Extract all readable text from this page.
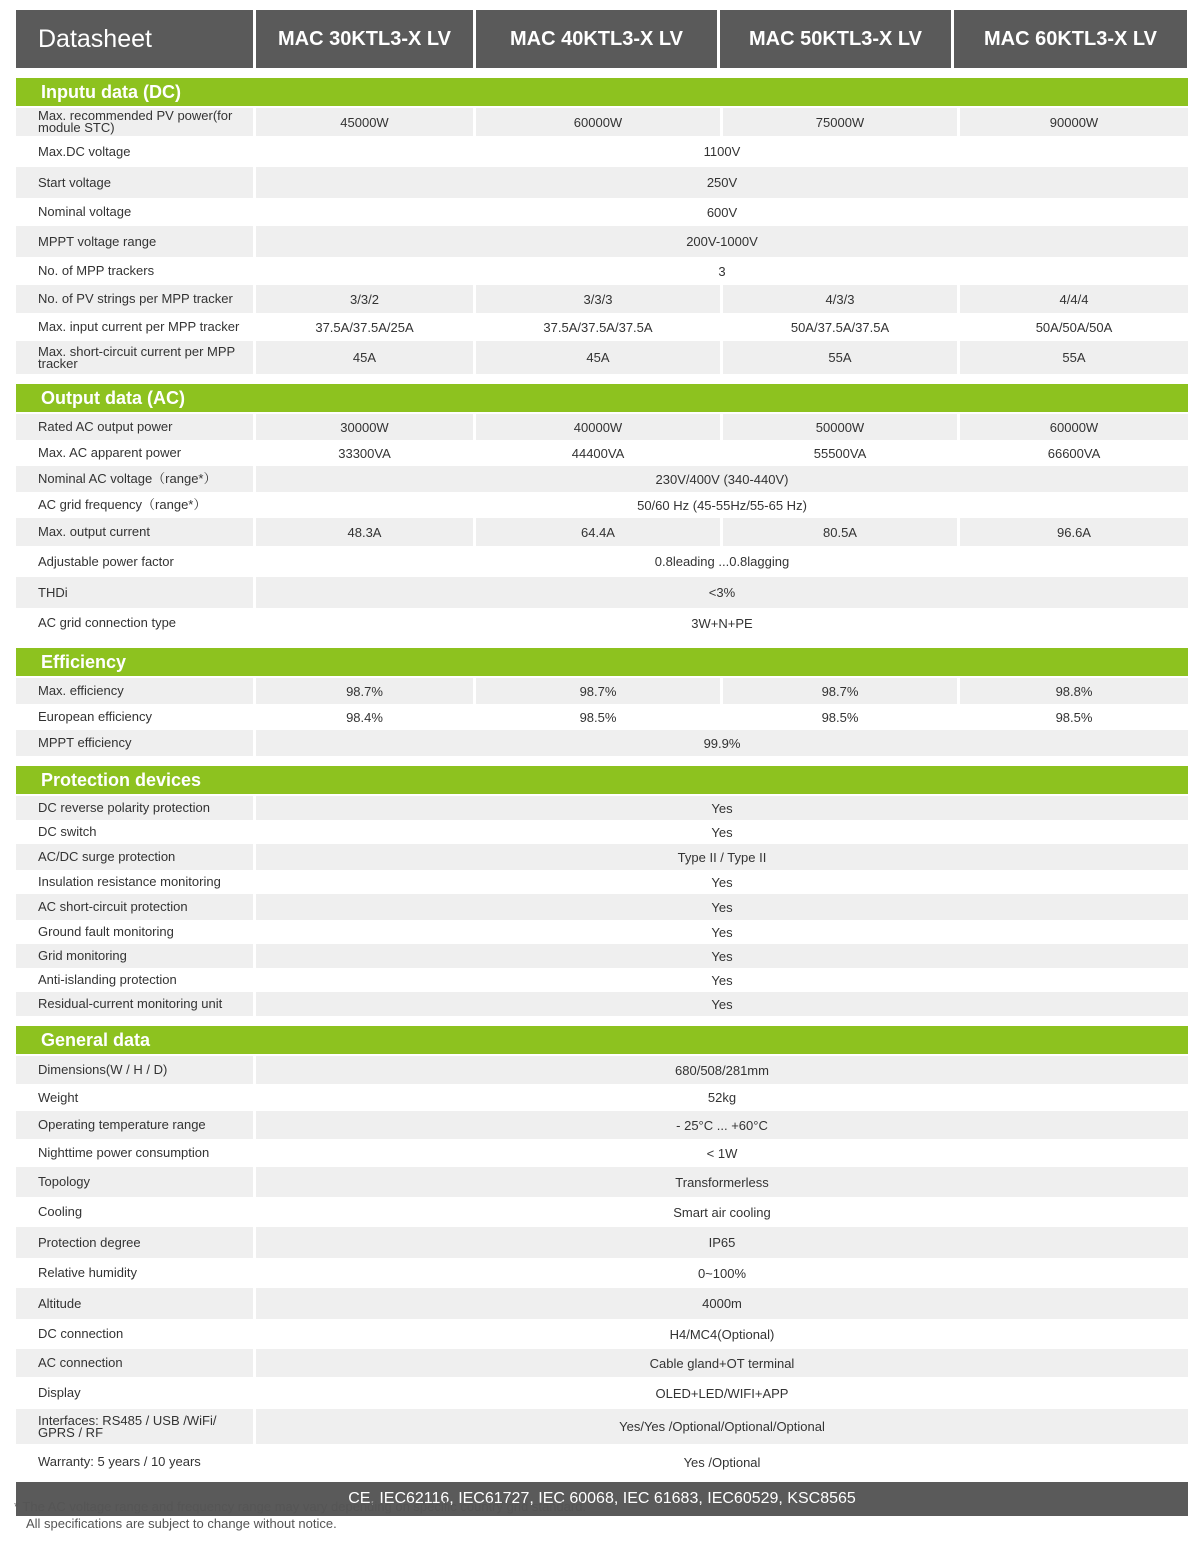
Datasheet	MAC 30KTL3-X LV	MAC 40KTL3-X LV	MAC 50KTL3-X LV	MAC 60KTL3-X LV
Inputu data (DC)
Max. recommended PV power(for module STC)	45000W	60000W	75000W	90000W
Max.DC voltage	1100V
Start voltage	250V
Nominal voltage	600V
MPPT voltage range	200V-1000V
No. of MPP trackers	3
No. of PV strings per MPP tracker	3/3/2	3/3/3	4/3/3	4/4/4
Max. input current per MPP tracker	37.5A/37.5A/25A	37.5A/37.5A/37.5A	50A/37.5A/37.5A	50A/50A/50A
Max. short-circuit current per MPP tracker	45A	45A	55A	55A
Output data (AC)
Rated AC output power	30000W	40000W	50000W	60000W
Max. AC apparent power	33300VA	44400VA	55500VA	66600VA
Nominal AC voltage（range*）	230V/400V (340-440V)
AC grid frequency（range*）	50/60 Hz (45-55Hz/55-65 Hz)
Max. output current	48.3A	64.4A	80.5A	96.6A
Adjustable power factor	0.8leading ...0.8lagging
THDi	<3%
AC grid connection type	3W+N+PE
Efficiency
Max. efficiency	98.7%	98.7%	98.7%	98.8%
European efficiency	98.4%	98.5%	98.5%	98.5%
MPPT efficiency	99.9%
Protection devices
DC reverse polarity protection	Yes
DC switch	Yes
AC/DC surge protection	Type II / Type II
Insulation resistance monitoring	Yes
AC short-circuit protection	Yes
Ground fault monitoring	Yes
Grid monitoring	Yes
Anti-islanding protection	Yes
Residual-current monitoring unit	Yes
General data
Dimensions(W / H / D)	680/508/281mm
Weight	52kg
Operating temperature range	- 25°C ... +60°C
Nighttime power consumption	< 1W
Topology	Transformerless
Cooling	Smart air cooling
Protection degree	IP65
Relative humidity	0~100%
Altitude	4000m
DC connection	H4/MC4(Optional)
AC connection	Cable gland+OT terminal
Display	OLED+LED/WIFI+APP
Interfaces: RS485 / USB /WiFi/ GPRS / RF	Yes/Yes /Optional/Optional/Optional
Warranty: 5 years / 10 years	Yes /Optional
CE, IEC62116, IEC61727, IEC 60068, IEC 61683, IEC60529, KSC8565
* The AC voltage range and frequency range may vary depending on specific country grid standard.
All specifications are subject to change without notice.
